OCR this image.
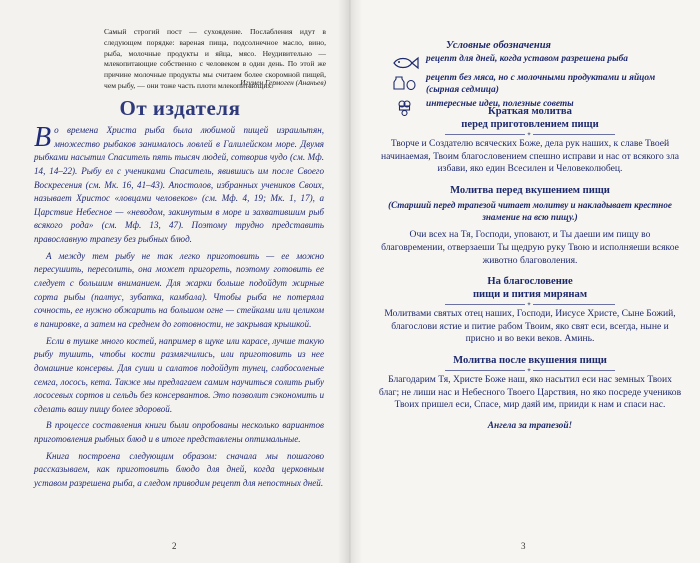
Самый строгий пост — сухоядение. Послабления идут в следующем порядке: вареная пища, подсолнечное масло, вино, рыба, молочные продукты и яйца, мясо. Неудивительно — млекопитающие собственно с человеком в один день. По этой же причине молочные продукты мы считаем более скоромной пищей, чем рыбу, — они тоже часть плоти млекопитающих.
Игумен Гермоген (Ананьев)
От издателя

Во времена Христа рыба была любимой пищей израильтян, множество рыбаков занималось ловлей в Галилейском море. Двумя рыбками насытил Спаситель пять тысяч людей, сотворив чудо (см. Мф. 14, 14–22). Рыбу ел с учениками Спаситель, явившись им после Своего Воскресения (см. Мк. 16, 41–43). Апостолов, избранных учеников Своих, называет Христос «ловцами человеков» (см. Мф. 4, 19; Мк. 1, 17), а Царствие Небесное — «неводом, закинутым в море и захватившим рыб всякого рода» (см. Мф. 13, 47). Поэтому трудно представить православную трапезу без рыбных блюд.

А между тем рыбу не так легко приготовить — ее можно пересушить, пересолить, она может пригореть, поэтому готовить ее следует с большим вниманием. Для жарки больше подойдут жирные сорта рыбы (палтус, зубатка, камбала). Чтобы рыба не потеряла сочность, ее нужно обжарить на большом огне — стейками или целиком в панировке, а затем на среднем до готовности, не закрывая крышкой.

Если в тушке много костей, например в щуке или карасе, лучше такую рыбу тушить, чтобы кости размягчились, или приготовить из нее домашние консервы. Для суши и салатов подойдут тунец, слабосоленые семга, лосось, кета. Также мы предлагаем самим научиться солить рыбу лососевых сортов и сельдь без консервантов. Это позволит сэкономить и сделать вашу пищу более здоровой.

В процессе составления книги были опробованы несколько вариантов приготовления рыбных блюд и в итоге представлены оптимальные.

Книга построена следующим образом: сначала мы пошагово рассказываем, как приготовить блюдо для дней, когда церковным уставом разрешена рыба, а следом приводим рецепт для непостных дней.

2
Условные обозначения
рецепт для дней, когда уставом разрешена рыба
рецепт без мяса, но с молочными продуктами и яйцом (сырная седмица)
интересные идеи, полезные советы
Краткая молитва
перед приготовлением пищи
✦
Творче и Создателю всяческих Боже, дела рук наших, к славе Твоей начинаемая, Твоим благословением спешно исправи и нас от всякого зла избави, яко един Всесилен и Человеколюбец.
Молитва перед вкушением пищи
(Старший перед трапезой читает молитву и накладывает крестное знамение на всю пищу.)
Очи всех на Тя, Господи, уповают, и Ты даеши им пищу во благовремении, отверзаеши Ты щедрую руку Твою и исполняеши всякое животно благоволения.
На благословение
пищи и пития мирянам
✦
Молитвами святых отец наших, Господи, Иисусе Христе, Сыне Божий, благослови ястие и питие рабом Твоим, яко свят еси, всегда, ныне и присно и во веки веков. Аминь.
Молитва после вкушения пищи
✦
Благодарим Тя, Христе Боже наш, яко насытил еси нас земных Твоих благ; не лиши нас и Небесного Твоего Царствия, но яко посреде учеников Твоих пришел еси, Спасе, мир даяй им, прииди к нам и спаси нас.
Ангела за трапезой!
3
